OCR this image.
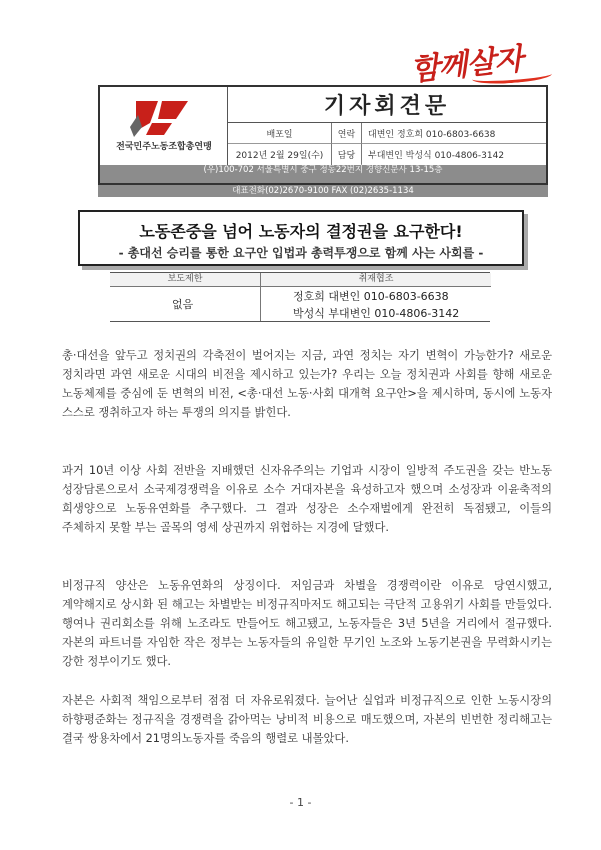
함께살자
전국민주노동조합총연맹
기자회견문
배포일
2012년 2월 29일(수)
연락
담당
대변인 정호희 010-6803-6638
부대변인 박성식 010-4806-3142
(우)100-702 서울특별시 중구 정동22번지 경향신문사 13-15층
대표전화(02)2670-9100 FAX (02)2635-1134
노동존중을 넘어 노동자의 결정권을 요구한다!
- 총대선 승리를 통한 요구안 입법과 총력투쟁으로 함께 사는 사회를 -
보도제한	취재협조
없음
정호희 대변인 010-6803-6638
박성식 부대변인 010-4806-3142
총·대선을 앞두고 정치권의 각축전이 벌어지는 지금, 과연 정치는 자기 변혁이 가능한가? 새로운 정치라면 과연 새로운 시대의 비전을 제시하고 있는가? 우리는 오늘 정치권과 사회를 향해 새로운 노동체제를 중심에 둔 변혁의 비전, <총·대선 노동·사회 대개혁 요구안>을 제시하며, 동시에 노동자 스스로 쟁취하고자 하는 투쟁의 의지를 밝힌다.
과거 10년 이상 사회 전반을 지배했던 신자유주의는 기업과 시장이 일방적 주도권을 갖는 반노동 성장담론으로서 소국제경쟁력을 이유로 소수 거대자본을 육성하고자 했으며 소성장과 이윤축적의 희생양으로 노동유연화를 추구했다. 그 결과 성장은 소수재벌에게 완전히 독점됐고, 이들의 주체하지 못할 부는 골목의 영세 상권까지 위협하는 지경에 달했다.
비정규직 양산은 노동유연화의 상징이다. 저임금과 차별을 경쟁력이란 이유로 당연시했고, 계약해지로 상시화 된 해고는 차별받는 비정규직마저도 해고되는 극단적 고용위기 사회를 만들었다. 행여나 권리회소를 위해 노조라도 만들어도 해고됐고, 노동자들은 3년 5년을 거리에서 절규했다. 자본의 파트너를 자임한 작은 정부는 노동자들의 유일한 무기인 노조와 노동기본권을 무력화시키는 강한 정부이기도 했다.
자본은 사회적 책임으로부터 점점 더 자유로워졌다. 늘어난 실업과 비정규직으로 인한 노동시장의 하향평준화는 정규직을 경쟁력을 갉아먹는 낭비적 비용으로 매도했으며, 자본의 빈번한 정리해고는 결국 쌍용차에서 21명의노동자를 죽음의 행렬로 내몰았다.
- 1 -
